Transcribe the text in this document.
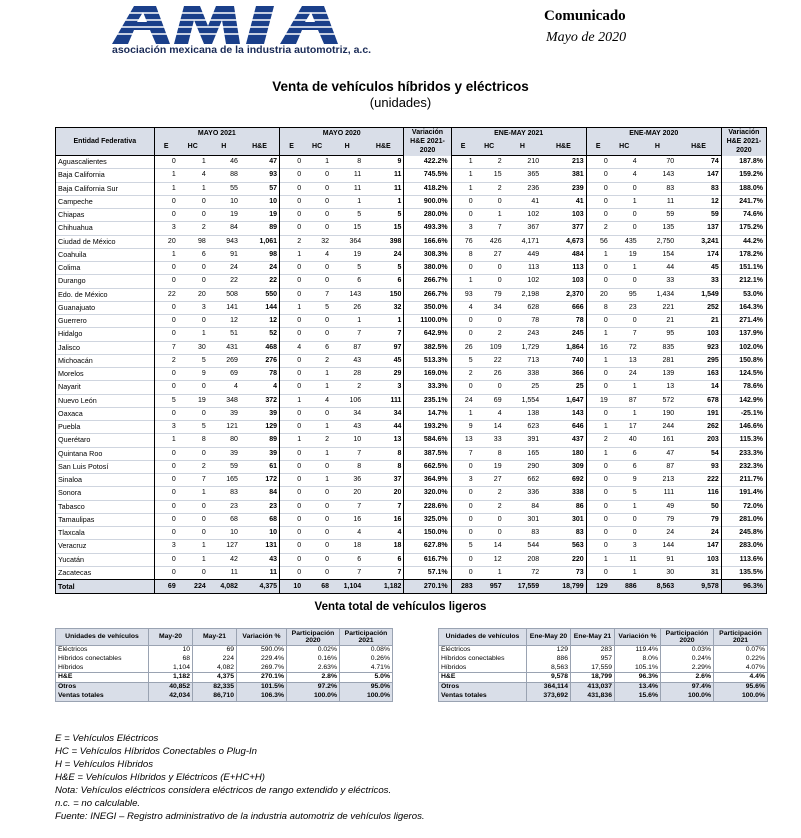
asociación mexicana de la industria automotriz, a.c.
Comunicado
Mayo de 2020
Venta de vehículos híbridos y eléctricos
(unidades)
Entidad Federativa	MAYO 2021				MAYO 2020				Variación H&E 2021-2020	ENE-MAY 2021				ENE-MAY 2020				Variación H&E 2021-2020
	E	HC	H	H&E	E	HC	H	H&E		E	HC	H	H&E	E	HC	H	H&E	
Aguascalientes	0	1	46	47	0	1	8	9	422.2%	1	2	210	213	0	4	70	74	187.8%
Baja California	1	4	88	93	0	0	11	11	745.5%	1	15	365	381	0	4	143	147	159.2%
Baja California Sur	1	1	55	57	0	0	11	11	418.2%	1	2	236	239	0	0	83	83	188.0%
Campeche	0	0	10	10	0	0	1	1	900.0%	0	0	41	41	0	1	11	12	241.7%
Chiapas	0	0	19	19	0	0	5	5	280.0%	0	1	102	103	0	0	59	59	74.6%
Chihuahua	3	2	84	89	0	0	15	15	493.3%	3	7	367	377	2	0	135	137	175.2%
Ciudad de México	20	98	943	1,061	2	32	364	398	166.6%	76	426	4,171	4,673	56	435	2,750	3,241	44.2%
Coahuila	1	6	91	98	1	4	19	24	308.3%	8	27	449	484	1	19	154	174	178.2%
Colima	0	0	24	24	0	0	5	5	380.0%	0	0	113	113	0	1	44	45	151.1%
Durango	0	0	22	22	0	0	6	6	266.7%	1	0	102	103	0	0	33	33	212.1%
Edo. de México	22	20	508	550	0	7	143	150	266.7%	93	79	2,198	2,370	20	95	1,434	1,549	53.0%
Guanajuato	0	3	141	144	1	5	26	32	350.0%	4	34	628	666	8	23	221	252	164.3%
Guerrero	0	0	12	12	0	0	1	1	1100.0%	0	0	78	78	0	0	21	21	271.4%
Hidalgo	0	1	51	52	0	0	7	7	642.9%	0	2	243	245	1	7	95	103	137.9%
Jalisco	7	30	431	468	4	6	87	97	382.5%	26	109	1,729	1,864	16	72	835	923	102.0%
Michoacán	2	5	269	276	0	2	43	45	513.3%	5	22	713	740	1	13	281	295	150.8%
Morelos	0	9	69	78	0	1	28	29	169.0%	2	26	338	366	0	24	139	163	124.5%
Nayarit	0	0	4	4	0	1	2	3	33.3%	0	0	25	25	0	1	13	14	78.6%
Nuevo León	5	19	348	372	1	4	106	111	235.1%	24	69	1,554	1,647	19	87	572	678	142.9%
Oaxaca	0	0	39	39	0	0	34	34	14.7%	1	4	138	143	0	1	190	191	-25.1%
Puebla	3	5	121	129	0	1	43	44	193.2%	9	14	623	646	1	17	244	262	146.6%
Querétaro	1	8	80	89	1	2	10	13	584.6%	13	33	391	437	2	40	161	203	115.3%
Quintana Roo	0	0	39	39	0	1	7	8	387.5%	7	8	165	180	1	6	47	54	233.3%
San Luis Potosí	0	2	59	61	0	0	8	8	662.5%	0	19	290	309	0	6	87	93	232.3%
Sinaloa	0	7	165	172	0	1	36	37	364.9%	3	27	662	692	0	9	213	222	211.7%
Sonora	0	1	83	84	0	0	20	20	320.0%	0	2	336	338	0	5	111	116	191.4%
Tabasco	0	0	23	23	0	0	7	7	228.6%	0	2	84	86	0	1	49	50	72.0%
Tamaulipas	0	0	68	68	0	0	16	16	325.0%	0	0	301	301	0	0	79	79	281.0%
Tlaxcala	0	0	10	10	0	0	4	4	150.0%	0	0	83	83	0	0	24	24	245.8%
Veracruz	3	1	127	131	0	0	18	18	627.8%	5	14	544	563	0	3	144	147	283.0%
Yucatán	0	1	42	43	0	0	6	6	616.7%	0	12	208	220	1	11	91	103	113.6%
Zacatecas	0	0	11	11	0	0	7	7	57.1%	0	1	72	73	0	1	30	31	135.5%
Total	69	224	4,082	4,375	10	68	1,104	1,182	270.1%	283	957	17,559	18,799	129	886	8,563	9,578	96.3%
Venta total de vehículos ligeros
Unidades de vehículos	May-20	May-21	Variación %	Participación 2020	Participación 2021
Eléctricos	10	69	590.0%	0.02%	0.08%
Híbridos conectables	68	224	229.4%	0.16%	0.26%
Híbridos	1,104	4,082	269.7%	2.63%	4.71%
H&E	1,182	4,375	270.1%	2.8%	5.0%
Otros	40,852	82,335	101.5%	97.2%	95.0%
Ventas totales	42,034	86,710	106.3%	100.0%	100.0%
Unidades de vehículos	Ene-May 20	Ene-May 21	Variación %	Participación 2020	Participación 2021
Eléctricos	129	283	119.4%	0.03%	0.07%
Híbridos conectables	886	957	8.0%	0.24%	0.22%
Híbridos	8,563	17,559	105.1%	2.29%	4.07%
H&E	9,578	18,799	96.3%	2.6%	4.4%
Otros	364,114	413,037	13.4%	97.4%	95.6%
Ventas totales	373,692	431,836	15.6%	100.0%	100.0%
E = Vehículos Eléctricos
HC = Vehículos Híbridos Conectables o Plug-In
H = Vehículos Híbridos
H&E = Vehículos Híbridos y Eléctricos (E+HC+H)
Nota: Vehículos eléctricos considera eléctricos de rango extendido y eléctricos.
n.c. = no calculable.
Fuente: INEGI – Registro administrativo de la industria automotriz de vehículos ligeros.
